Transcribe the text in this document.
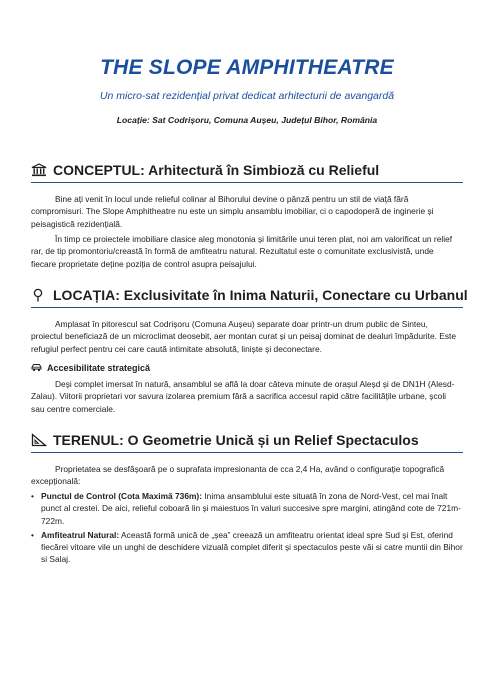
THE SLOPE AMPHITHEATRE
Un micro-sat rezidențial privat dedicat arhitecturii de avangardă
Locație: Sat Codrișoru, Comuna Aușeu, Județul Bihor, România
CONCEPTUL: Arhitectură în Simbioză cu Relieful

Bine ați venit în locul unde relieful colinar al Bihorului devine o pânză pentru un stil de viață fără compromisuri. The Slope Amphitheatre nu este un simplu ansamblu imobiliar, ci o capodoperă de inginerie și peisagistică rezidențială.

În timp ce proiectele imobiliare clasice aleg monotonia și limitările unui teren plat, noi am valorificat un relief rar, de tip promontoriu/creastă în formă de amfiteatru natural. Rezultatul este o comunitate exclusivistă, unde fiecare proprietate deține poziția de control asupra peisajului.

LOCAȚIA: Exclusivitate în Inima Naturii, Conectare cu Urbanul

Amplasat în pitorescul sat Codrișoru (Comuna Aușeu) separate doar printr-un drum public de Sinteu, proiectul beneficiază de un microclimat deosebit, aer montan curat și un peisaj dominat de dealuri împădurite. Este refugiul perfect pentru cei care caută intimitate absolută, liniște și deconectare.

Accesibilitate strategică

Deși complet imersat în natură, ansamblul se află la doar câteva minute de orașul Aleșd și de DN1H (Alesd-Zalau). Viitorii proprietari vor savura izolarea premium fără a sacrifica accesul rapid către facilitățile urbane, școli sau centre comerciale.

TERENUL: O Geometrie Unică și un Relief Spectaculos

Proprietatea se desfășoară pe o suprafata impresionanta de cca 2,4 Ha, având o configurație topografică excepțională:

• Punctul de Control (Cota Maximă 736m): Inima ansamblului este situată în zona de Nord-Vest, cel mai înalt punct al crestei. De aici, relieful coboară lin și maiestuos în valuri succesive spre margini, atingând cote de 721m-722m.
• Amfiteatrul Natural: Această formă unică de „șea” creează un amfiteatru orientat ideal spre Sud și Est, oferind fiecărei vitoare vile un unghi de deschidere vizuală complet diferit și spectaculos peste văi si catre muntii din Bihor si Salaj.
